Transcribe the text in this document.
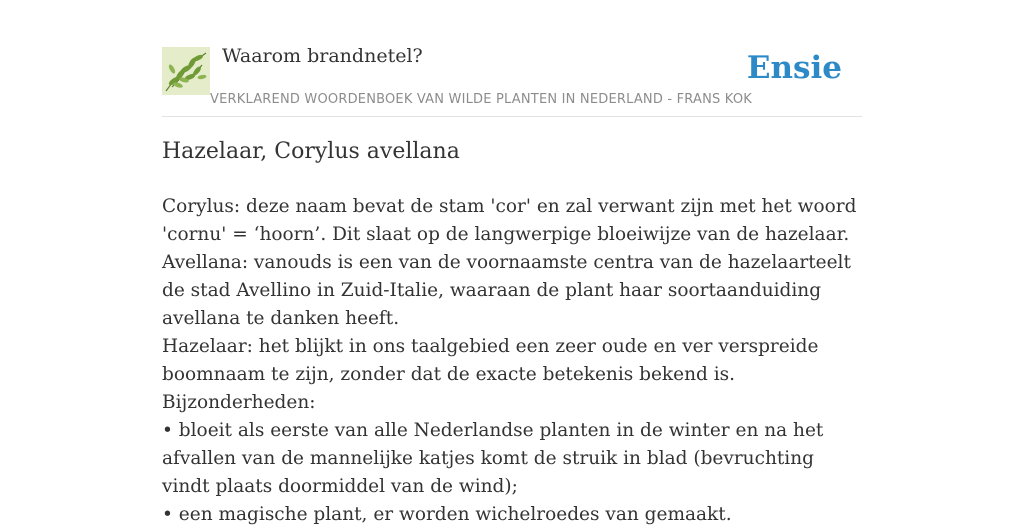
Waarom brandnetel?	Ensie
VERKLAREND WOORDENBOEK VAN WILDE PLANTEN IN NEDERLAND - FRANS KOK
Hazelaar, Corylus avellana

Corylus: deze naam bevat de stam 'cor' en zal verwant zijn met het woord 'cornu' = ‘hoorn’. Dit slaat op de langwerpige bloeiwijze van de hazelaar.

Avellana: vanouds is een van de voornaamste centra van de hazelaarteelt de stad Avellino in Zuid-Italie, waaraan de plant haar soortaanduiding avellana te danken heeft.

Hazelaar: het blijkt in ons taalgebied een zeer oude en ver verspreide boomnaam te zijn, zonder dat de exacte betekenis bekend is.

Bijzonderheden:

• bloeit als eerste van alle Nederlandse planten in de winter en na het afvallen van de mannelijke katjes komt de struik in blad (bevruchting vindt plaats doormiddel van de wind);

• een magische plant, er worden wichelroedes van gemaakt.
